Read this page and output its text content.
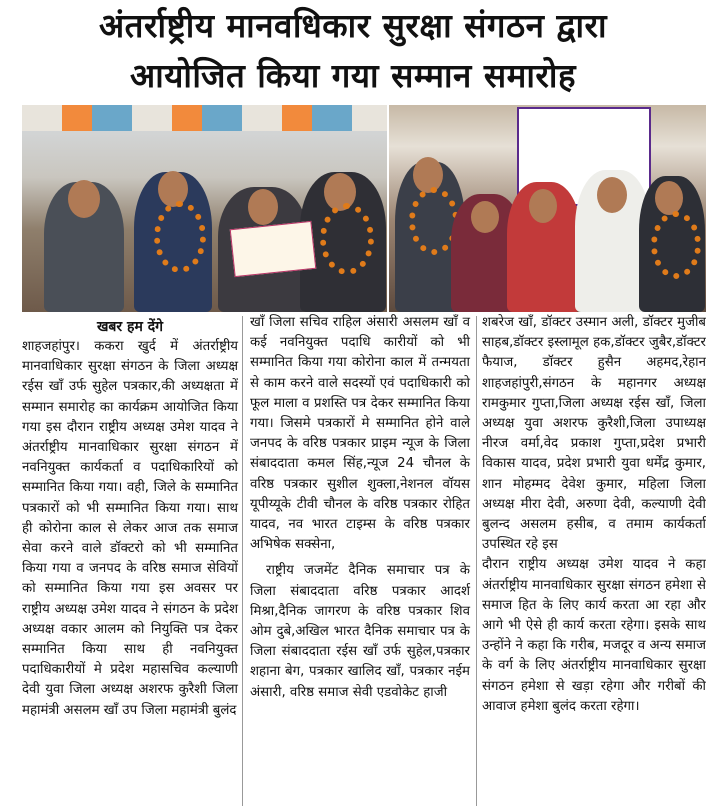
अंतर्राष्ट्रीय मानवधिकार सुरक्षा संगठन द्वारा
आयोजित किया गया सम्मान समारोह
खबर हम देंगे

शाहजहांपुर। ककरा खुर्द में अंतर्राष्ट्रीय मानवाधिकार सुरक्षा संगठन के जिला अध्यक्ष रईस खाँ उर्फ सुहेल पत्रकार,की अध्यक्षता में सम्मान समारोह का कार्यक्रम आयोजित किया गया इस दौरान राष्ट्रीय अध्यक्ष उमेश यादव ने अंतर्राष्ट्रीय मानवाधिकार सुरक्षा संगठन में नवनियुक्त कार्यकर्ता व पदाधिकारियों को सम्मानित किया गया। वही, जिले के सम्मानित पत्रकारों को भी सम्मानित किया गया। साथ ही कोरोना काल से लेकर आज तक समाज सेवा करने वाले डॉक्टरो को भी सम्मानित किया गया व जनपद के वरिष्ठ समाज सेवियों को सम्मानित किया गया इस अवसर पर राष्ट्रीय अध्यक्ष उमेश यादव ने संगठन के प्रदेश अध्यक्ष वकार आलम को नियुक्ति पत्र देकर सम्मानित किया साथ ही नवनियुक्त पदाधिकारीयों मे प्रदेश महासचिव कल्याणी देवी युवा जिला अध्यक्ष अशरफ कुरैशी जिला महामंत्री असलम खाँ उप जिला महामंत्री बुलंद

खाँ जिला सचिव राहिल अंसारी असलम खाँ व कई नवनियुक्त पदाधि कारीयों को भी सम्मानित किया गया कोरोना काल में तन्मयता से काम करने वाले सदस्यों एवं पदाधिकारी को फूल माला व प्रशस्ति पत्र देकर सम्मानित किया गया। जिसमे पत्रकारों मे सम्मानित होने वाले जनपद के वरिष्ठ पत्रकार प्राइम न्यूज के जिला संबाददाता कमल सिंह,न्यूज 24 चौनल के वरिष्ठ पत्रकार सुशील शुक्ला,नेशनल वॉयस यूपीय्यूके टीवी चौनल के वरिष्ठ पत्रकार रोहित यादव, नव भारत टाइम्स के वरिष्ठ पत्रकार अभिषेक सक्सेना,

राष्ट्रीय जजमेंट दैनिक समाचार पत्र के जिला संबाददाता वरिष्ठ पत्रकार आदर्श मिश्रा,दैनिक जागरण के वरिष्ठ पत्रकार शिव ओम दुबे,अखिल भारत दैनिक समाचार पत्र के जिला संबाददाता रईस खाँ उर्फ सुहेल,पत्रकार शहाना बेग, पत्रकार खालिद खाँ, पत्रकार नईम अंसारी, वरिष्ठ समाज सेवी एडवोकेट हाजी

शबरेज खाँ, डॉक्टर उस्मान अली, डॉक्टर मुजीब साहब,डॉक्टर इस्लामूल हक,डॉक्टर जुबैर,डॉक्टर फैयाज, डॉक्टर हुसैन अहमद,रेहान शाहजहांपुरी,संगठन के महानगर अध्यक्ष रामकुमार गुप्ता,जिला अध्यक्ष रईस खाँ, जिला अध्यक्ष युवा अशरफ कुरैशी,जिला उपाध्यक्ष नीरज वर्मा,वेद प्रकाश गुप्ता,प्रदेश प्रभारी विकास यादव, प्रदेश प्रभारी युवा धर्मेंद्र कुमार, शान मोहम्मद देवेश कुमार, महिला जिला अध्यक्ष मीरा देवी, अरुणा देवी, कल्याणी देवी बुलन्द असलम हसीब, व तमाम कार्यकर्ता उपस्थित रहे इस

दौरान राष्ट्रीय अध्यक्ष उमेश यादव ने कहा अंतर्राष्ट्रीय मानवाधिकार सुरक्षा संगठन हमेशा से समाज हित के लिए कार्य करता आ रहा और आगे भी ऐसे ही कार्य करता रहेगा। इसके साथ उन्होंने ने कहा कि गरीब, मजदूर व अन्य समाज के वर्ग के लिए अंतर्राष्ट्रीय मानवाधिकार सुरक्षा संगठन हमेशा से खड़ा रहेगा और गरीबों की आवाज हमेशा बुलंद करता रहेगा।
